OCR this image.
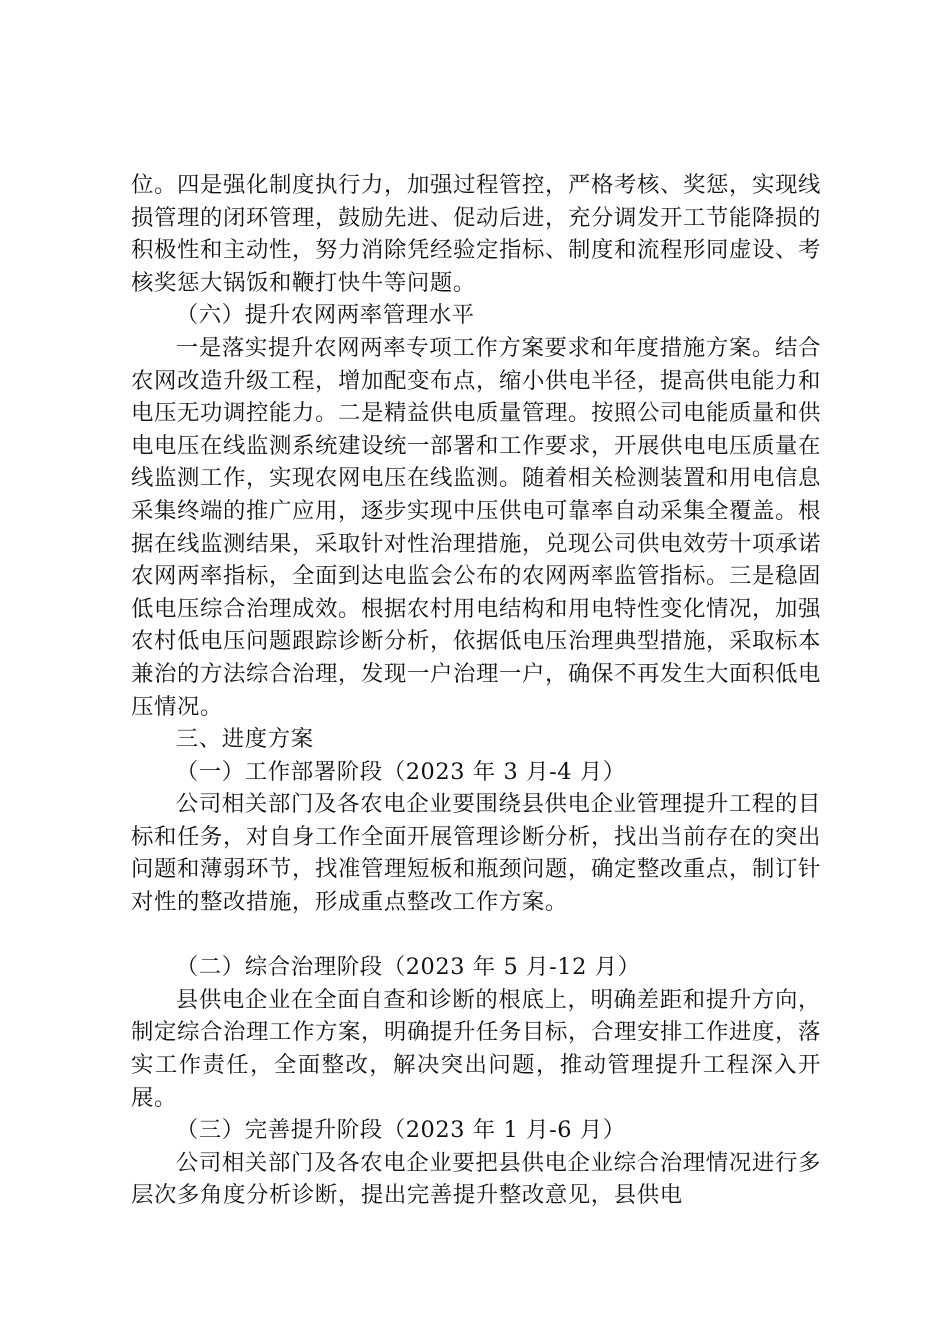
位。四是强化制度执行力，加强过程管控，严格考核、奖惩，实现线损管理的闭环管理，鼓励先进、促动后进，充分调发开工节能降损的积极性和主动性，努力消除凭经验定指标、制度和流程形同虚设、考核奖惩大锅饭和鞭打快牛等问题。

（六）提升农网两率管理水平

一是落实提升农网两率专项工作方案要求和年度措施方案。结合农网改造升级工程，增加配变布点，缩小供电半径，提高供电能力和电压无功调控能力。二是精益供电质量管理。按照公司电能质量和供电电压在线监测系统建设统一部署和工作要求，开展供电电压质量在线监测工作，实现农网电压在线监测。随着相关检测装置和用电信息采集终端的推广应用，逐步实现中压供电可靠率自动采集全覆盖。根据在线监测结果，采取针对性治理措施，兑现公司供电效劳十项承诺农网两率指标，全面到达电监会公布的农网两率监管指标。三是稳固低电压综合治理成效。根据农村用电结构和用电特性变化情况，加强农村低电压问题跟踪诊断分析，依据低电压治理典型措施，采取标本兼治的方法综合治理，发现一户治理一户，确保不再发生大面积低电压情况。

三、进度方案

（一）工作部署阶段（2023 年 3 月-4 月）

公司相关部门及各农电企业要围绕县供电企业管理提升工程的目标和任务，对自身工作全面开展管理诊断分析，找出当前存在的突出问题和薄弱环节，找准管理短板和瓶颈问题，确定整改重点，制订针对性的整改措施，形成重点整改工作方案。

（二）综合治理阶段（2023 年 5 月-12 月）

县供电企业在全面自查和诊断的根底上，明确差距和提升方向，制定综合治理工作方案，明确提升任务目标，合理安排工作进度，落实工作责任，全面整改，解决突出问题，推动管理提升工程深入开展。

（三）完善提升阶段（2023 年 1 月-6 月）

公司相关部门及各农电企业要把县供电企业综合治理情况进行多层次多角度分析诊断，提出完善提升整改意见，县供电
